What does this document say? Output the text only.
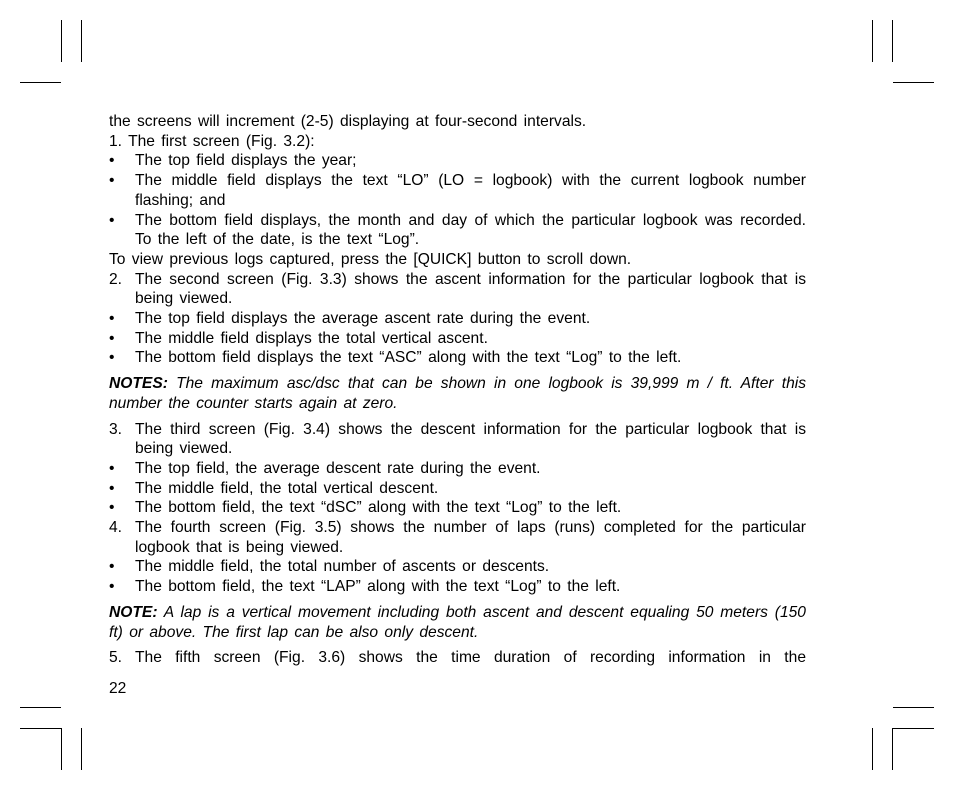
the screens will increment (2-5) displaying at four-second intervals.

1. The first screen (Fig. 3.2):

•	The top field displays the year;
•	The middle field displays the text “LO” (LO = logbook) with the current logbook number flashing; and
•	The bottom field displays, the month and day of which the particular logbook was recorded. To the left of the date, is the text “Log”.

To view previous logs captured, press the [QUICK] button to scroll down.

2. The second screen (Fig. 3.3) shows the ascent information for the particular logbook that is being viewed.
•	The top field displays the average ascent rate during the event.
•	The middle field displays the total vertical ascent.
•	The bottom field displays the text “ASC” along with the text “Log” to the left.

NOTES: The maximum asc/dsc that can be shown in one logbook is 39,999 m / ft. After this number the counter starts again at zero.

3. The third screen (Fig. 3.4) shows the descent information for the particular logbook that is being viewed.
•	The top field, the average descent rate during the event.
•	The middle field, the total vertical descent.
•	The bottom field, the text “dSC” along with the text “Log” to the left.
4. The fourth screen (Fig. 3.5) shows the number of laps (runs) completed for the particular logbook that is being viewed.
•	The middle field, the total number of ascents or descents.
•	The bottom field, the text “LAP” along with the text “Log” to the left.

NOTE: A lap is a vertical movement including both ascent and descent equaling 50 meters (150 ft) or above. The first lap can be also only descent.

5. The fifth screen (Fig. 3.6) shows the time duration of recording information in the
22
